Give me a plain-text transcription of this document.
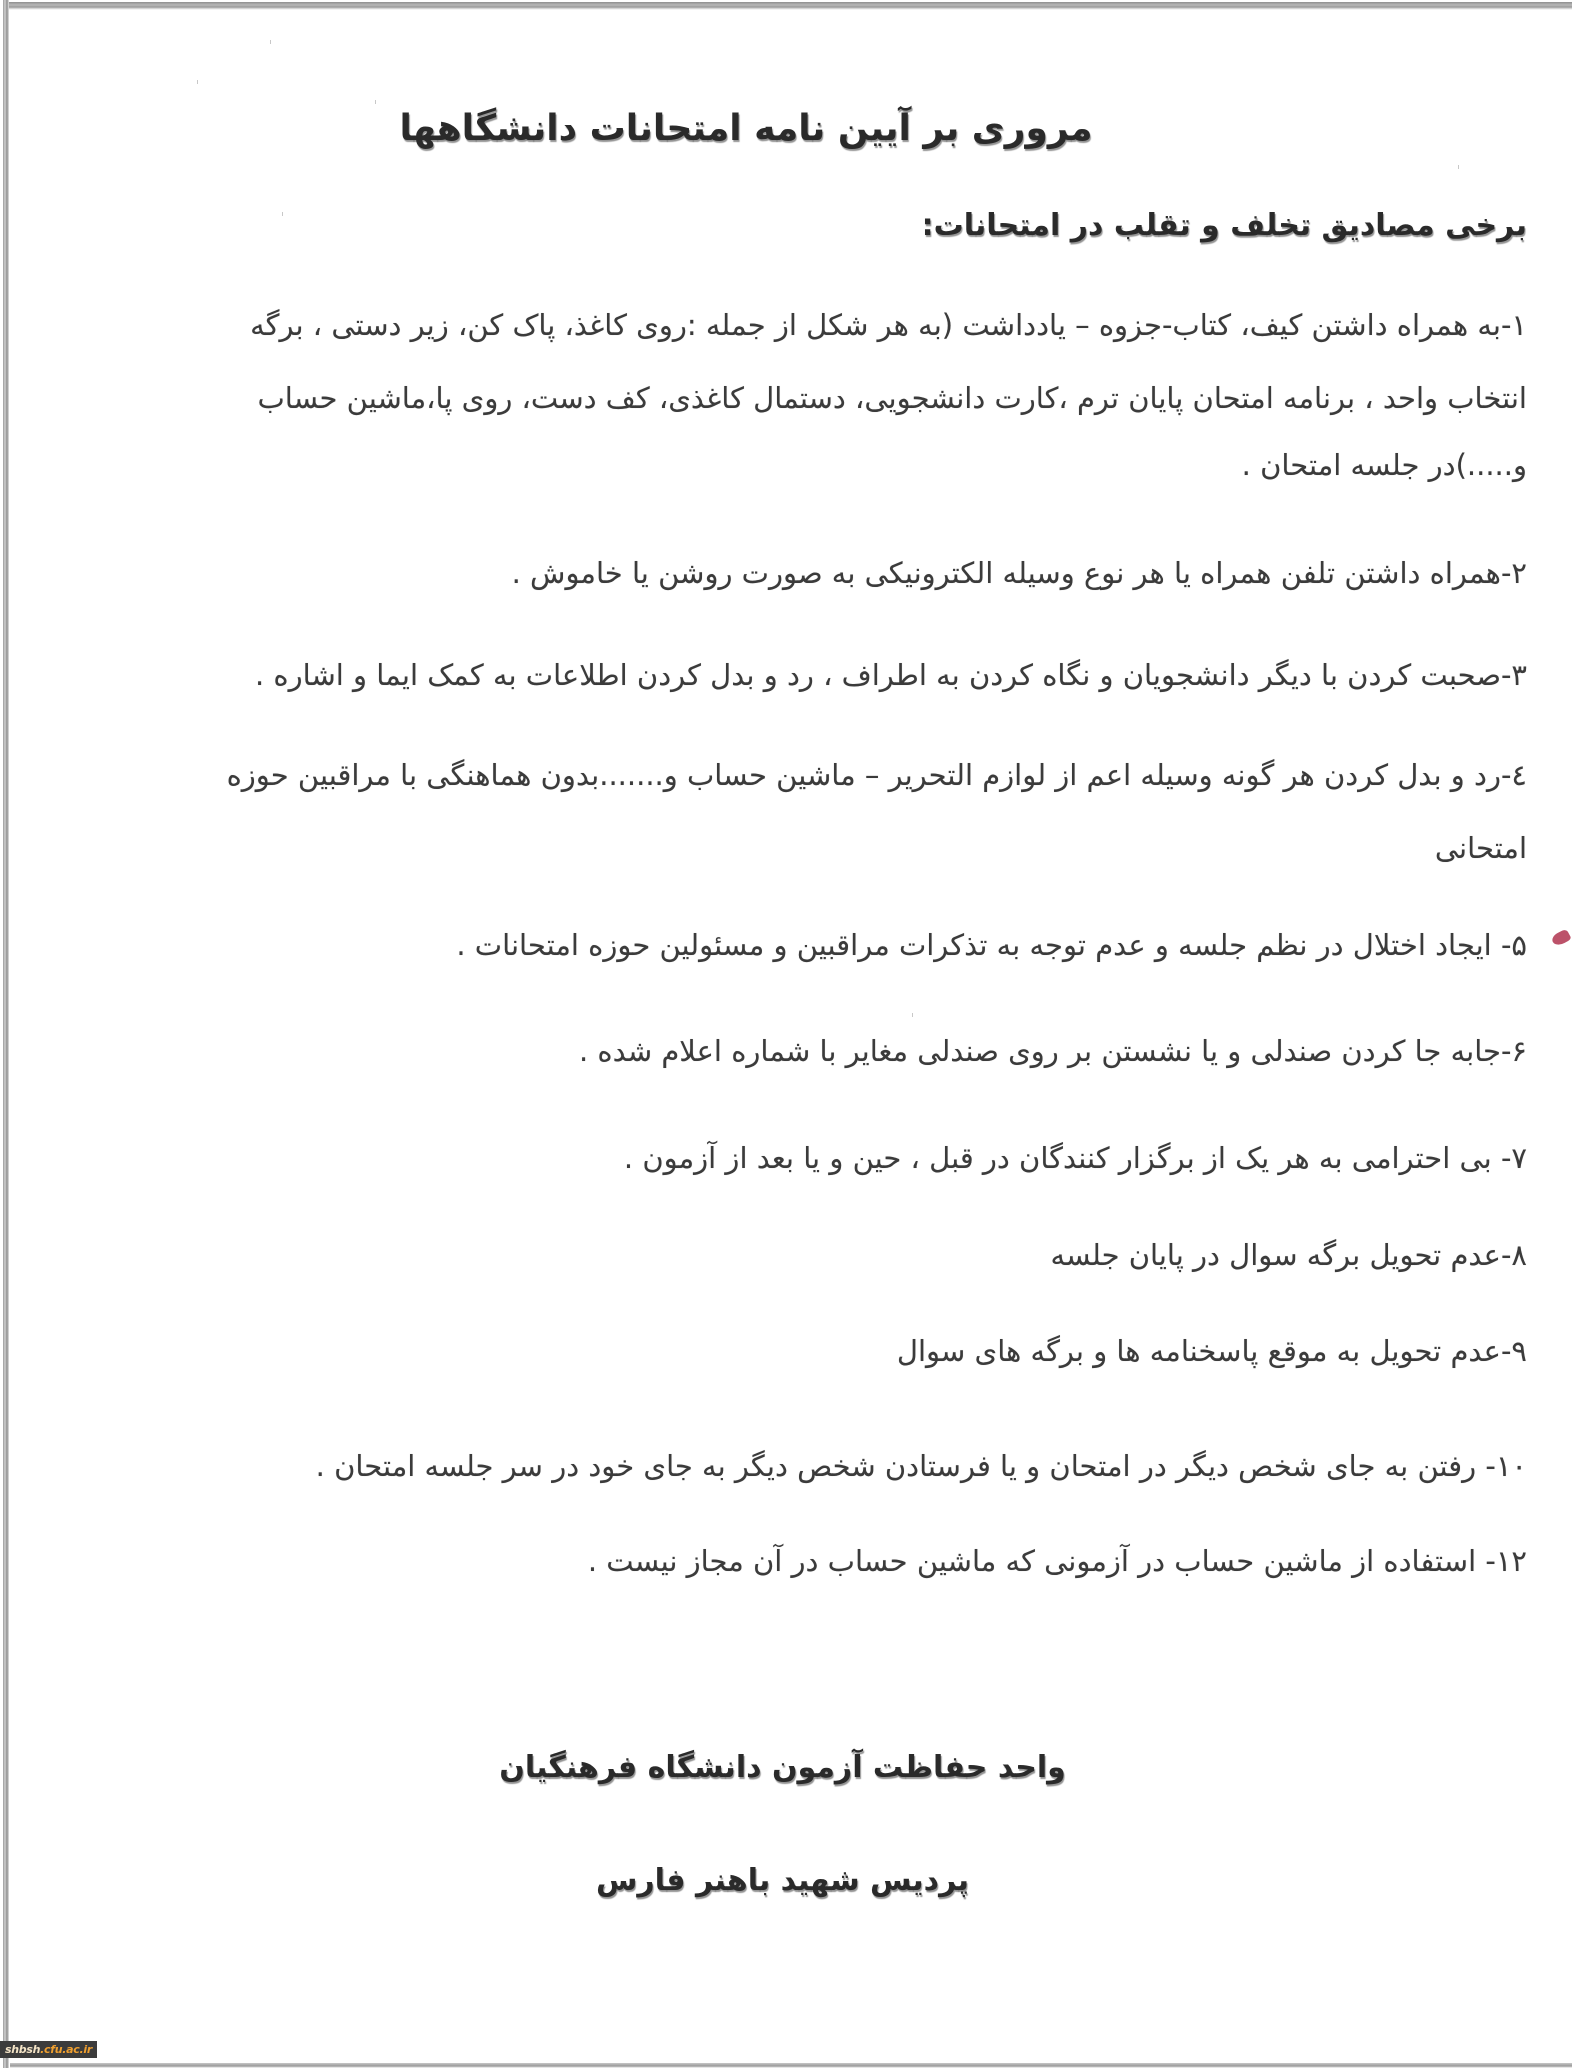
مروری بر آیین نامه امتحانات دانشگاهها
برخی مصادیق تخلف و تقلب در امتحانات:
۱-به همراه داشتن کیف، کتاب-جزوه – یادداشت (به هر شکل از جمله :روی کاغذ، پاک کن، زیر دستی ، برگه
انتخاب واحد ، برنامه امتحان پایان ترم ،کارت دانشجویی، دستمال کاغذی، کف دست، روی پا،ماشین حساب
و.....)در جلسه امتحان .
۲-همراه داشتن تلفن همراه یا هر نوع وسیله الکترونیکی به صورت روشن یا خاموش .
۳-صحبت کردن با دیگر دانشجویان و نگاه کردن به اطراف ، رد و بدل کردن اطلاعات به کمک ایما و اشاره .
٤-رد و بدل کردن هر گونه وسیله اعم از لوازم التحریر – ماشین حساب و.......بدون هماهنگی با مراقبین حوزه
امتحانی
۵- ایجاد اختلال در نظم جلسه و عدم توجه به تذکرات مراقبین و مسئولین حوزه امتحانات .
۶-جابه جا کردن صندلی و یا نشستن بر روی صندلی مغایر با شماره اعلام شده .
۷- بی احترامی به هر یک از برگزار کنندگان در قبل ، حین و یا بعد از آزمون .
۸-عدم تحویل برگه سوال در پایان جلسه
۹-عدم تحویل به موقع پاسخنامه ها و برگه های سوال
۱۰- رفتن به جای شخص دیگر در امتحان و یا فرستادن شخص دیگر به جای خود در سر جلسه امتحان .
۱۲- استفاده از ماشین حساب در آزمونی که ماشین حساب در آن مجاز نیست .
واحد حفاظت آزمون دانشگاه فرهنگیان
پردیس شهید باهنر فارس
shbsh.cfu.ac.ir
